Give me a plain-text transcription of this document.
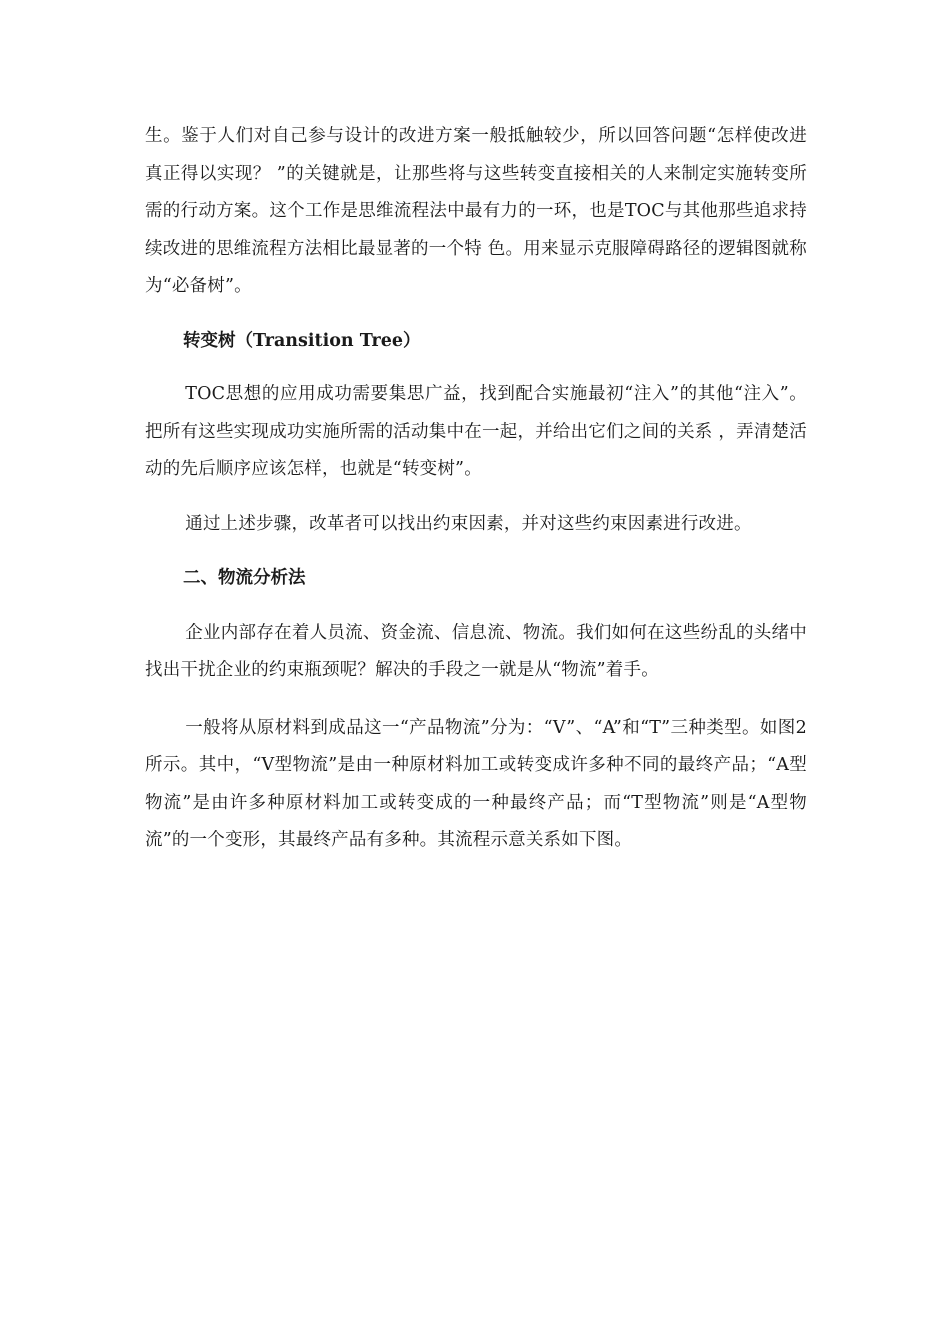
生。鉴于人们对自己参与设计的改进方案一般抵触较少，所以回答问题“怎样使改进真正得以实现？ ”的关键就是，让那些将与这些转变直接相关的人来制定实施转变所需的行动方案。这个工作是思维流程法中最有力的一环，也是TOC与其他那些追求持续改进的思维流程方法相比最显著的一个特 色。用来显示克服障碍路径的逻辑图就称为“必备树”。

转变树（Transition Tree）

TOC思想的应用成功需要集思广益，找到配合实施最初“注入”的其他“注入”。把所有这些实现成功实施所需的活动集中在一起，并给出它们之间的关系 ，弄清楚活动的先后顺序应该怎样，也就是“转变树”。

通过上述步骤，改革者可以找出约束因素，并对这些约束因素进行改进。

二、物流分析法

企业内部存在着人员流、资金流、信息流、物流。我们如何在这些纷乱的头绪中找出干扰企业的约束瓶颈呢？解决的手段之一就是从“物流”着手。

一般将从原材料到成品这一“产品物流”分为：“V”、“A”和“T”三种类型。如图2 所示。其中，“V型物流”是由一种原材料加工或转变成许多种不同的最终产品；“A型物流”是由许多种原材料加工或转变成的一种最终产品；而“T型物流”则是“A型物流”的一个变形，其最终产品有多种。其流程示意关系如下图。
